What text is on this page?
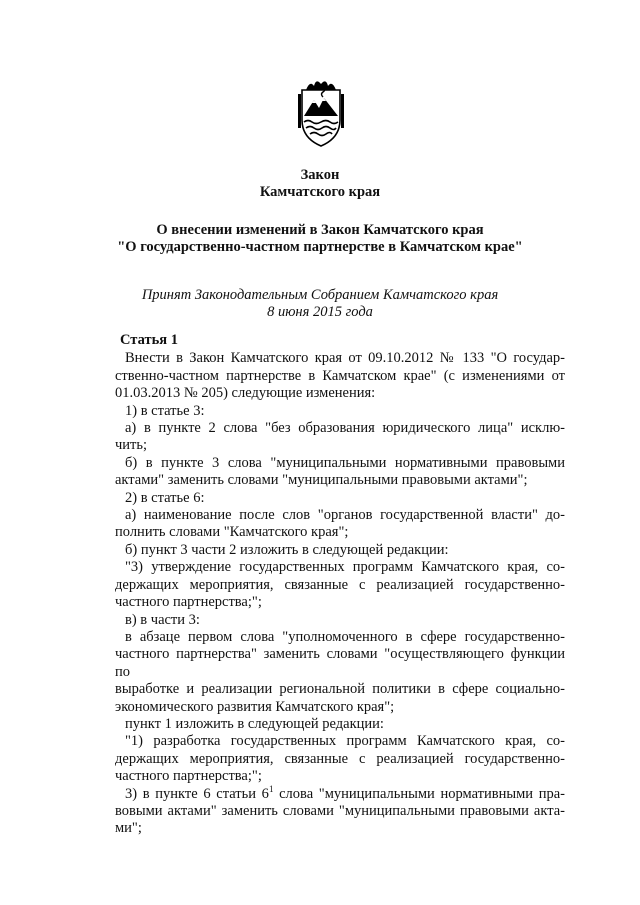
Закон
Камчатского края
О внесении изменений в Закон Камчатского края
"О государственно-частном партнерстве в Камчатском крае"
Принят Законодательным Собранием Камчатского края
8 июня 2015 года
Статья 1
Внести в Закон Камчатского края от 09.10.2012 № 133 "О государ-
ственно-частном партнерстве в Камчатском крае" (с изменениями от
01.03.2013 № 205) следующие изменения:
1) в статье 3:
а) в пункте 2 слова "без образования юридического лица" исклю-
чить;
б) в пункте 3 слова "муниципальными нормативными правовыми
актами" заменить словами "муниципальными правовыми актами";
2) в статье 6:
а) наименование после слов "органов государственной власти" до-
полнить словами "Камчатского края";
б) пункт 3 части 2 изложить в следующей редакции:
"3) утверждение государственных программ Камчатского края, со-
держащих мероприятия, связанные с реализацией государственно-
частного партнерства;";
в) в части 3:
в абзаце первом слова "уполномоченного в сфере государственно-
частного партнерства" заменить словами "осуществляющего функции по
выработке и реализации региональной политики в сфере социально-
экономического развития Камчатского края";
пункт 1 изложить в следующей редакции:
"1) разработка государственных программ Камчатского края, со-
держащих мероприятия, связанные с реализацией государственно-
частного партнерства;";
3) в пункте 6 статьи $6^1$ слова "муниципальными нормативными пра-
вовыми актами" заменить словами "муниципальными правовыми акта-
ми";
